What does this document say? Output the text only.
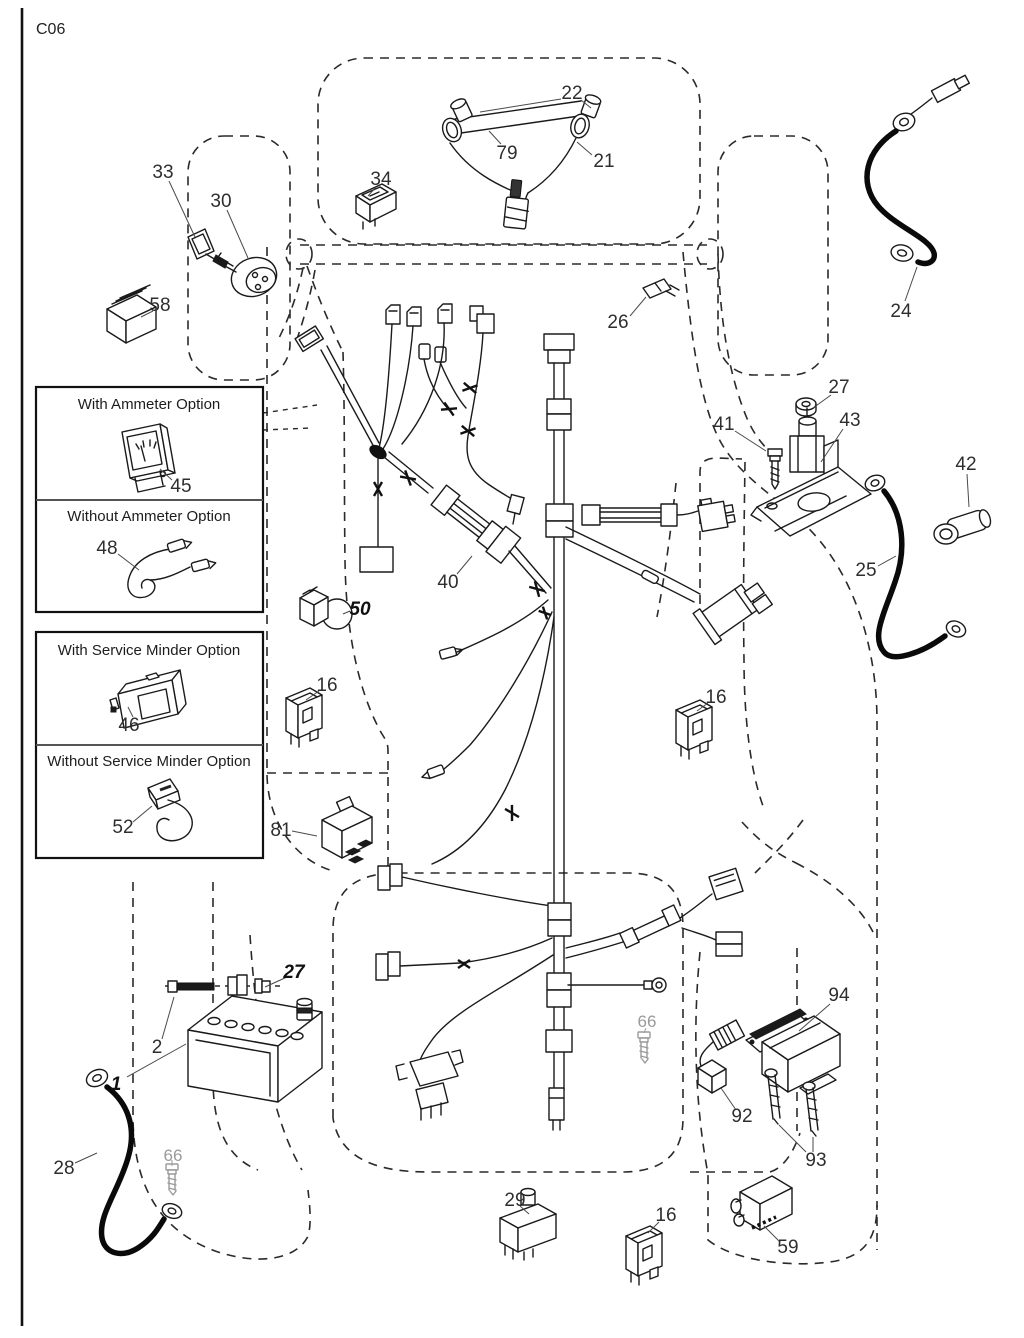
C06
With Ammeter Option
Without Ammeter Option
With Service Minder Option
Without Service Minder Option
22
79	21
34
33
30
58
26
24
27
41	43
42
25
45
48
40
50
16
16
46
52	81
27
2
1
28
66
66
94
92
93
29
16
59
